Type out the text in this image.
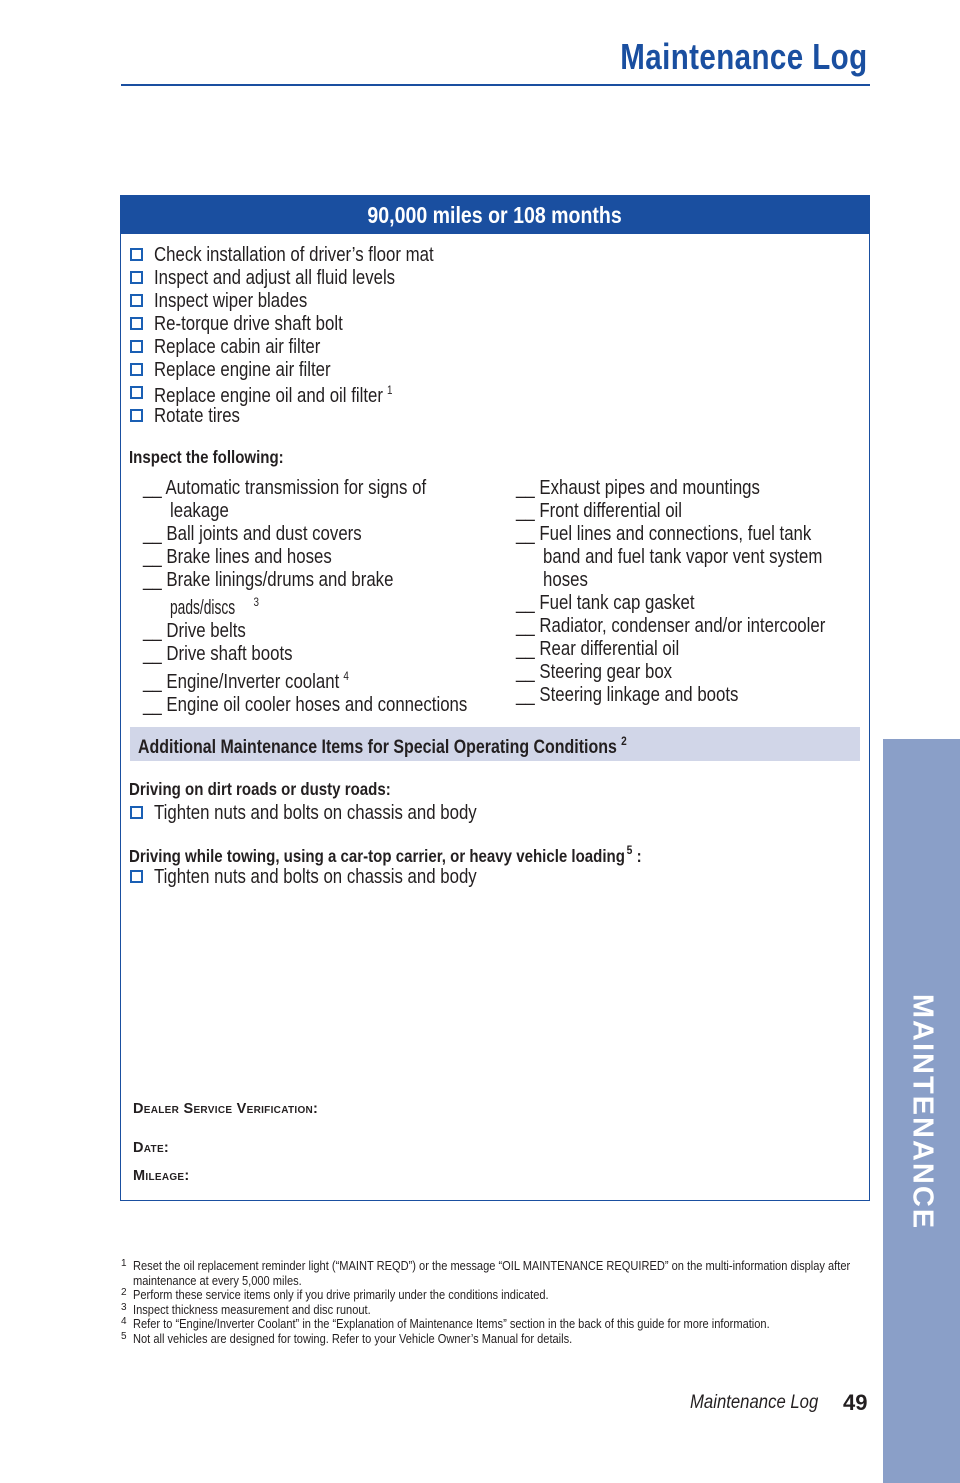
Maintenance Log
90,000 miles or 108 months
Check installation of driver’s floor mat
Inspect and adjust all fluid levels
Inspect wiper blades
Re-torque drive shaft bolt
Replace cabin air filter
Replace engine air filter
Replace engine oil and oil filter $^1$
Rotate tires
Inspect the following:
__ Automatic transmission for signs of
leakage
__ Ball joints and dust covers
__ Brake lines and hoses
__ Brake linings/drums and brake
pads/discs $^3$
__ Drive belts
__ Drive shaft boots
__ Engine/Inverter coolant $^4$
__ Engine oil cooler hoses and connections
__ Exhaust pipes and mountings
__ Front differential oil
__ Fuel lines and connections, fuel tank
band and fuel tank vapor vent system
hoses
__ Fuel tank cap gasket
__ Radiator, condenser and/or intercooler
__ Rear differential oil
__ Steering gear box
__ Steering linkage and boots
Additional Maintenance Items for Special Operating Conditions $^2$
Driving on dirt roads or dusty roads:
Tighten nuts and bolts on chassis and body
Driving while towing, using a car-top carrier, or heavy vehicle loading $^5$ :
Tighten nuts and bolts on chassis and body
Dealer Service Verification:
Date:
Mileage:
1 Reset the oil replacement reminder light (“MAINT REQD”) or the message “OIL MAINTENANCE REQUIRED” on the multi-information display after maintenance at every 5,000 miles.
2 Perform these service items only if you drive primarily under the conditions indicated.
3 Inspect thickness measurement and disc runout.
4 Refer to “Engine/Inverter Coolant” in the “Explanation of Maintenance Items” section in the back of this guide for more information.
5 Not all vehicles are designed for towing. Refer to your Vehicle Owner’s Manual for details.
MAINTENANCE
Maintenance Log	49
